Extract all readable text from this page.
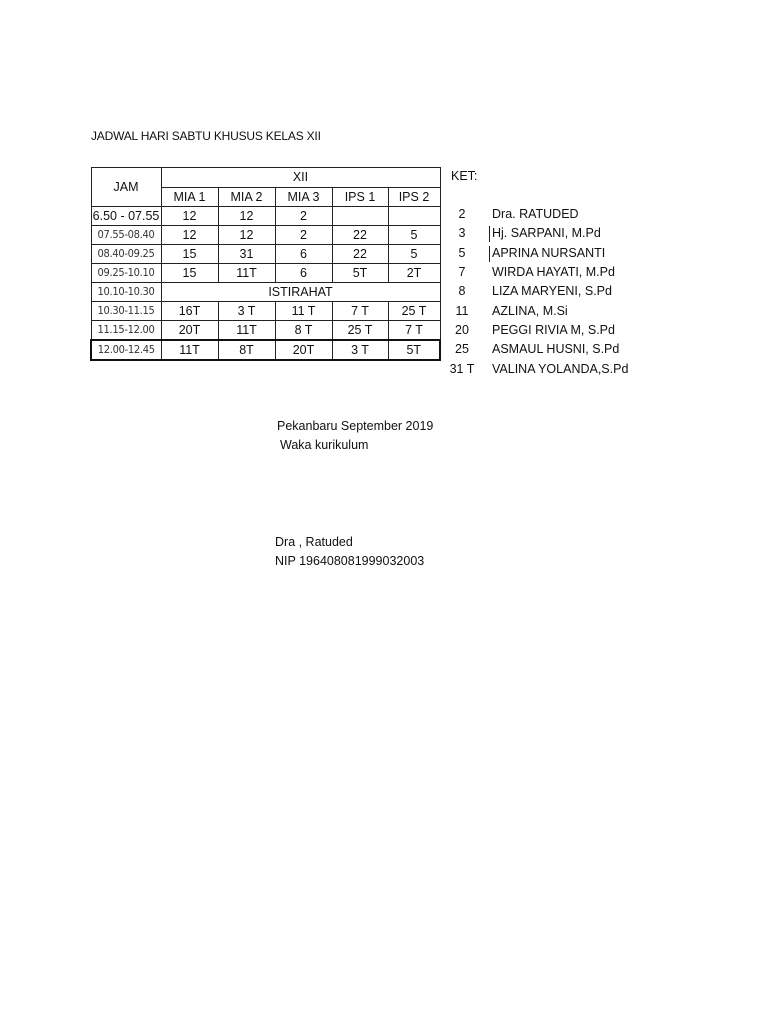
JADWAL HARI SABTU KHUSUS KELAS XII
JAM	XII				
	MIA 1	MIA 2	MIA 3	IPS 1	IPS 2
6.50 - 07.55	12	12	2		
07.55-08.40	12	12	2	22	5
08.40-09.25	15	31	6	22	5
09.25-10.10	15	11T	6	5T	2T
10.10-10.30	ISTIRAHAT				
10.30-11.15	16T	3 T	11 T	7 T	25 T
11.15-12.00	20T	11T	8 T	25 T	7 T
12.00-12.45	11T	8T	20T	3 T	5T
KET:
2	Dra. RATUDED
3	Hj. SARPANI, M.Pd
5	APRINA NURSANTI
7	WIRDA HAYATI, M.Pd
8	LIZA MARYENI, S.Pd
11	AZLINA, M.Si
20	PEGGI RIVIA M, S.Pd
25	ASMAUL HUSNI, S.Pd
31 T	VALINA YOLANDA,S.Pd
Pekanbaru September 2019
Waka kurikulum
Dra , Ratuded
NIP 196408081999032003
